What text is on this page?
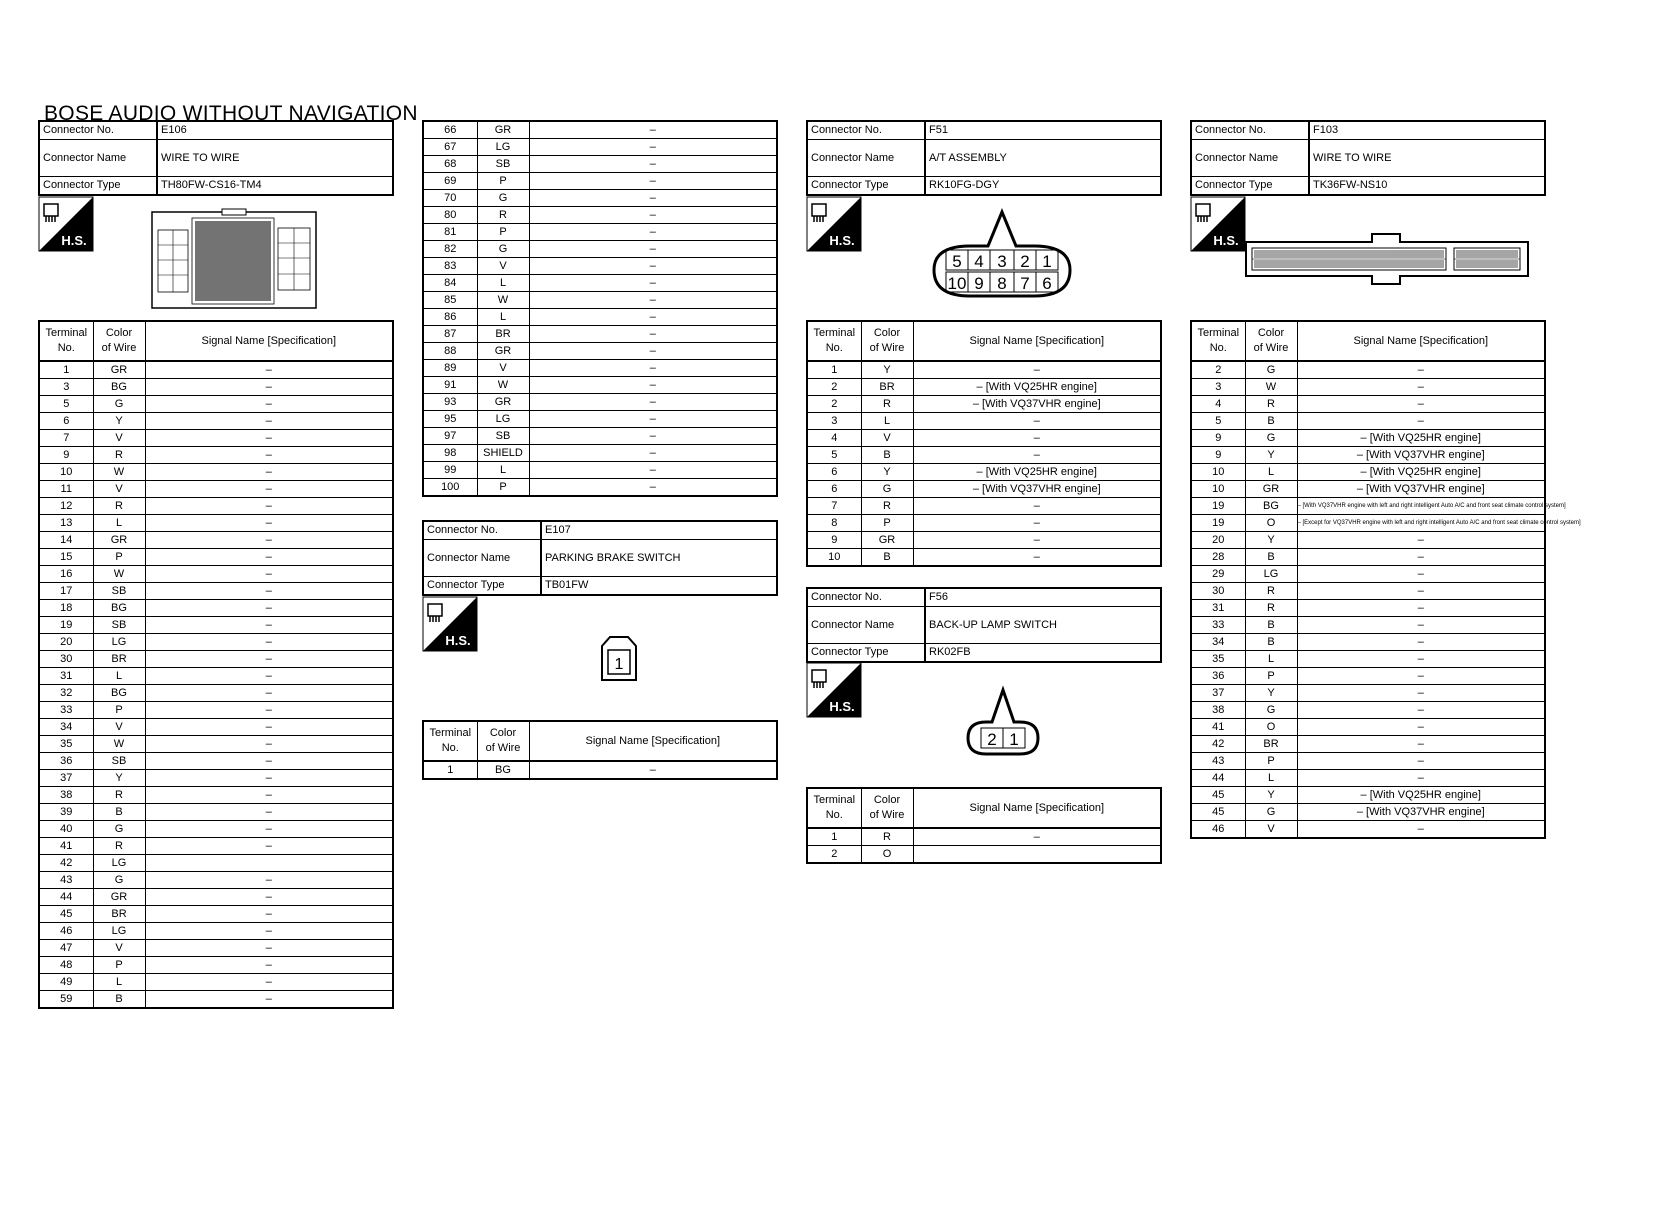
BOSE AUDIO WITHOUT NAVIGATION
Connector No.	E106
Connector Name	WIRE TO WIRE
Connector Type	TH80FW-CS16-TM4
H.S.
Terminal
No.	Color
of Wire	Signal Name [Specification]
1	GR	–
3	BG	–
5	G	–
6	Y	–
7	V	–
9	R	–
10	W	–
11	V	–
12	R	–
13	L	–
14	GR	–
15	P	–
16	W	–
17	SB	–
18	BG	–
19	SB	–
20	LG	–
30	BR	–
31	L	–
32	BG	–
33	P	–
34	V	–
35	W	–
36	SB	–
37	Y	–
38	R	–
39	B	–
40	G	–
41	R	–
42	LG	
43	G	–
44	GR	–
45	BR	–
46	LG	–
47	V	–
48	P	–
49	L	–
59	B	–
66	GR	–
67	LG	–
68	SB	–
69	P	–
70	G	–
80	R	–
81	P	–
82	G	–
83	V	–
84	L	–
85	W	–
86	L	–
87	BR	–
88	GR	–
89	V	–
91	W	–
93	GR	–
95	LG	–
97	SB	–
98	SHIELD	–
99	L	–
100	P	–
Connector No.	E107
Connector Name	PARKING BRAKE SWITCH
Connector Type	TB01FW
H.S.
1
Terminal
No.	Color
of Wire	Signal Name [Specification]
1	BG	–
Connector No.	F51
Connector Name	A/T ASSEMBLY
Connector Type	RK10FG-DGY
H.S.
5 4 3 2 1
10 9 8 7 6
Terminal
No.	Color
of Wire	Signal Name [Specification]
1	Y	–
2	BR	– [With VQ25HR engine]
2	R	– [With VQ37VHR engine]
3	L	–
4	V	–
5	B	–
6	Y	– [With VQ25HR engine]
6	G	– [With VQ37VHR engine]
7	R	–
8	P	–
9	GR	–
10	B	–
Connector No.	F56
Connector Name	BACK-UP LAMP SWITCH
Connector Type	RK02FB
H.S.
2 1
Terminal
No.	Color
of Wire	Signal Name [Specification]
1	R	–
2	O	
Connector No.	F103
Connector Name	WIRE TO WIRE
Connector Type	TK36FW-NS10
H.S.
Terminal
No.	Color
of Wire	Signal Name [Specification]
2	G	–
3	W	–
4	R	–
5	B	–
9	G	– [With VQ25HR engine]
9	Y	– [With VQ37VHR engine]
10	L	– [With VQ25HR engine]
10	GR	– [With VQ37VHR engine]
19	BG	– [With VQ37VHR engine with left and right intelligent Auto A/C and front seat climate control system]
19	O	– [Except for VQ37VHR engine with left and right intelligent Auto A/C and front seat climate control system]
20	Y	–
28	B	–
29	LG	–
30	R	–
31	R	–
33	B	–
34	B	–
35	L	–
36	P	–
37	Y	–
38	G	–
41	O	–
42	BR	–
43	P	–
44	L	–
45	Y	– [With VQ25HR engine]
45	G	– [With VQ37VHR engine]
46	V	–
